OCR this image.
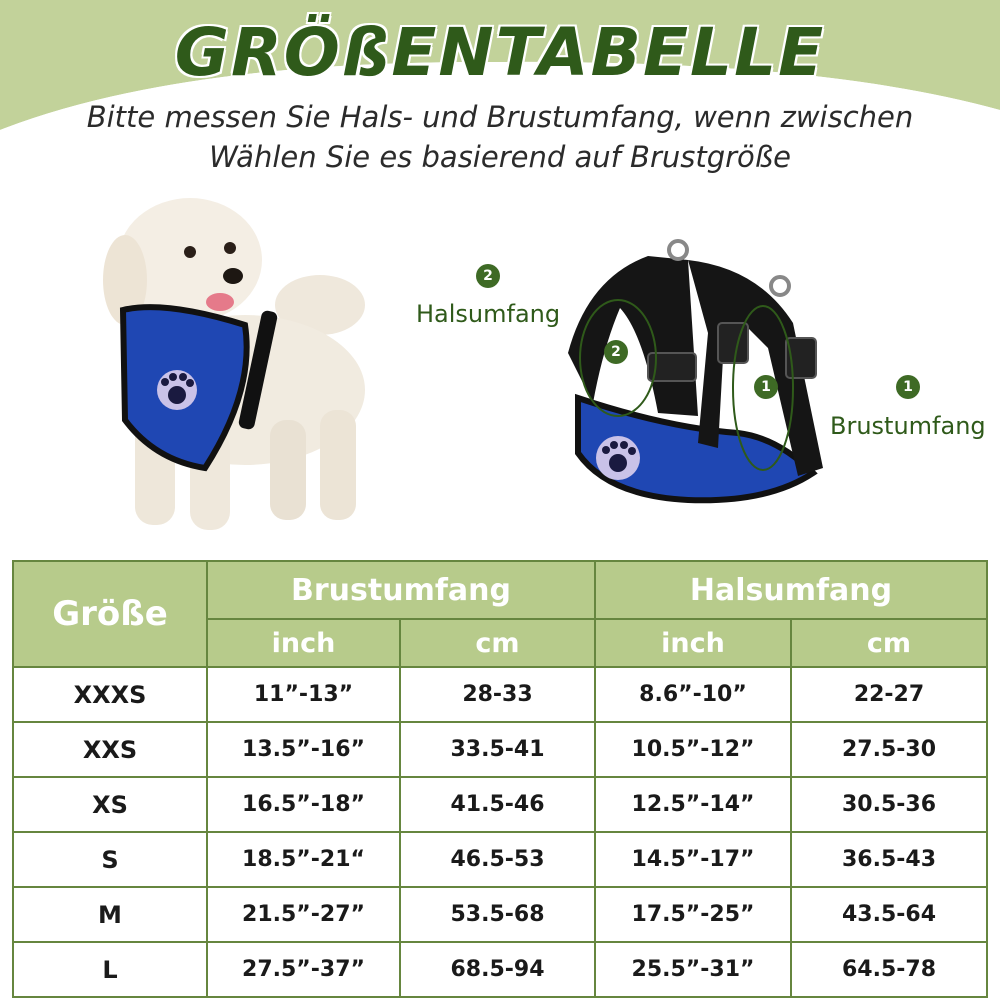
GRÖßENTABELLE
Bitte messen Sie Hals- und Brustumfang, wenn zwischen
Wählen Sie es basierend auf Brustgröße
2
Halsumfang
2
1	1
Brustumfang
Größe	Brustumfang		Halsumfang	
	inch	cm	inch	cm
XXXS	11”-13”	28-33	8.6”-10”	22-27
XXS	13.5”-16”	33.5-41	10.5”-12”	27.5-30
XS	16.5”-18”	41.5-46	12.5”-14”	30.5-36
S	18.5”-21“	46.5-53	14.5”-17”	36.5-43
M	21.5”-27”	53.5-68	17.5”-25”	43.5-64
L	27.5”-37”	68.5-94	25.5”-31”	64.5-78
